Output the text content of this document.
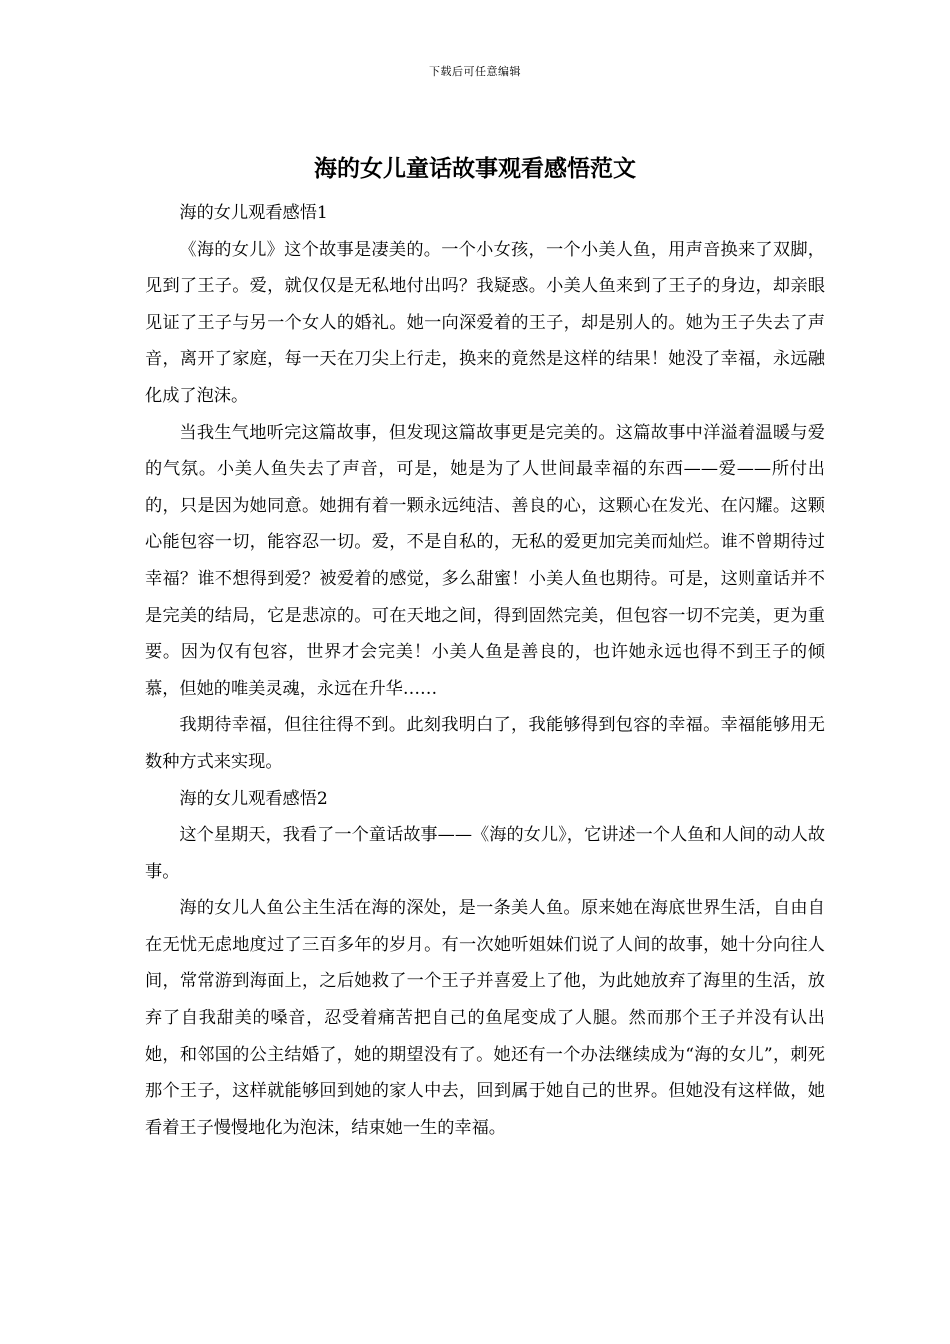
下载后可任意编辑
海的女儿童话故事观看感悟范文

海的女儿观看感悟1

《海的女儿》这个故事是凄美的。一个小女孩，一个小美人鱼，用声音换来了双脚，见到了王子。爱，就仅仅是无私地付出吗？我疑惑。小美人鱼来到了王子的身边，却亲眼见证了王子与另一个女人的婚礼。她一向深爱着的王子，却是别人的。她为王子失去了声音，离开了家庭，每一天在刀尖上行走，换来的竟然是这样的结果！她没了幸福，永远融化成了泡沫。

当我生气地听完这篇故事，但发现这篇故事更是完美的。这篇故事中洋溢着温暖与爱的气氛。小美人鱼失去了声音，可是，她是为了人世间最幸福的东西——爱——所付出的，只是因为她同意。她拥有着一颗永远纯洁、善良的心，这颗心在发光、在闪耀。这颗心能包容一切，能容忍一切。爱，不是自私的，无私的爱更加完美而灿烂。谁不曾期待过幸福？谁不想得到爱？被爱着的感觉，多么甜蜜！小美人鱼也期待。可是，这则童话并不是完美的结局，它是悲凉的。可在天地之间，得到固然完美，但包容一切不完美，更为重要。因为仅有包容，世界才会完美！小美人鱼是善良的，也许她永远也得不到王子的倾慕，但她的唯美灵魂，永远在升华……

我期待幸福，但往往得不到。此刻我明白了，我能够得到包容的幸福。幸福能够用无数种方式来实现。

海的女儿观看感悟2

这个星期天，我看了一个童话故事——《海的女儿》，它讲述一个人鱼和人间的动人故事。

海的女儿人鱼公主生活在海的深处，是一条美人鱼。原来她在海底世界生活，自由自在无忧无虑地度过了三百多年的岁月。有一次她听姐妹们说了人间的故事，她十分向往人间，常常游到海面上，之后她救了一个王子并喜爱上了他，为此她放弃了海里的生活，放弃了自我甜美的嗓音，忍受着痛苦把自己的鱼尾变成了人腿。然而那个王子并没有认出她，和邻国的公主结婚了，她的期望没有了。她还有一个办法继续成为“海的女儿”，刺死那个王子，这样就能够回到她的家人中去，回到属于她自己的世界。但她没有这样做，她看着王子慢慢地化为泡沫，结束她一生的幸福。
